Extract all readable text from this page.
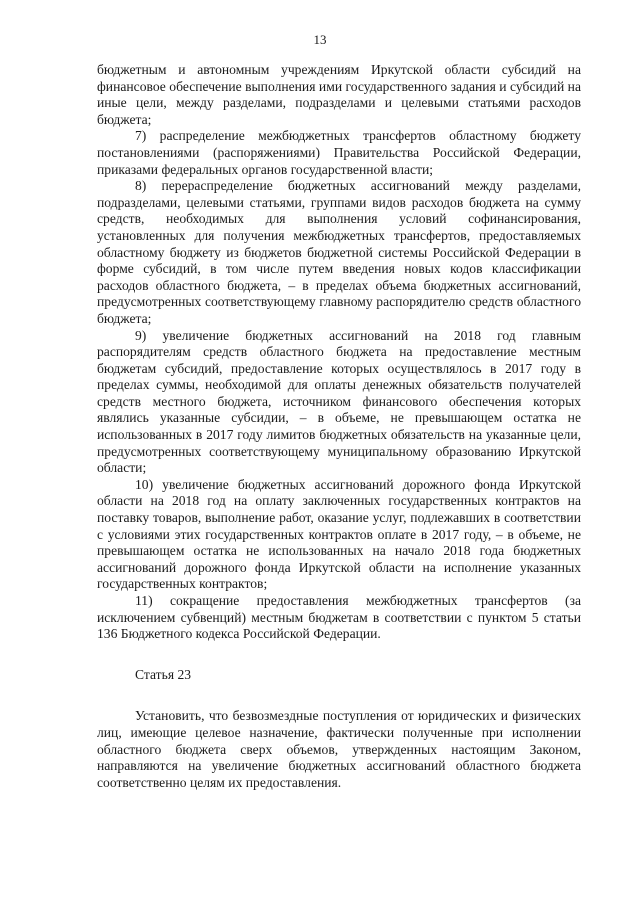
13

бюджетным и автономным учреждениям Иркутской области субсидий на финансовое обеспечение выполнения ими государственного задания и субсидий на иные цели, между разделами, подразделами и целевыми статьями расходов бюджета;

7) распределение межбюджетных трансфертов областному бюджету постановлениями (распоряжениями) Правительства Российской Федерации, приказами федеральных органов государственной власти;

8) перераспределение бюджетных ассигнований между разделами, подразделами, целевыми статьями, группами видов расходов бюджета на сумму средств, необходимых для выполнения условий софинансирования, установленных для получения межбюджетных трансфертов, предоставляемых областному бюджету из бюджетов бюджетной системы Российской Федерации в форме субсидий, в том числе путем введения новых кодов классификации расходов областного бюджета, – в пределах объема бюджетных ассигнований, предусмотренных соответствующему главному распорядителю средств областного бюджета;

9) увеличение бюджетных ассигнований на 2018 год главным распорядителям средств областного бюджета на предоставление местным бюджетам субсидий, предоставление которых осуществлялось в 2017 году в пределах суммы, необходимой для оплаты денежных обязательств получателей средств местного бюджета, источником финансового обеспечения которых являлись указанные субсидии, – в объеме, не превышающем остатка не использованных в 2017 году лимитов бюджетных обязательств на указанные цели, предусмотренных соответствующему муниципальному образованию Иркутской области;

10) увеличение бюджетных ассигнований дорожного фонда Иркутской области на 2018 год на оплату заключенных государственных контрактов на поставку товаров, выполнение работ, оказание услуг, подлежавших в соответствии с условиями этих государственных контрактов оплате в 2017 году, – в объеме, не превышающем остатка не использованных на начало 2018 года бюджетных ассигнований дорожного фонда Иркутской области на исполнение указанных государственных контрактов;

11) сокращение предоставления межбюджетных трансфертов (за исключением субвенций) местным бюджетам в соответствии с пунктом 5 статьи 136 Бюджетного кодекса Российской Федерации.

Статья 23

Установить, что безвозмездные поступления от юридических и физических лиц, имеющие целевое назначение, фактически полученные при исполнении областного бюджета сверх объемов, утвержденных настоящим Законом, направляются на увеличение бюджетных ассигнований областного бюджета соответственно целям их предоставления.
